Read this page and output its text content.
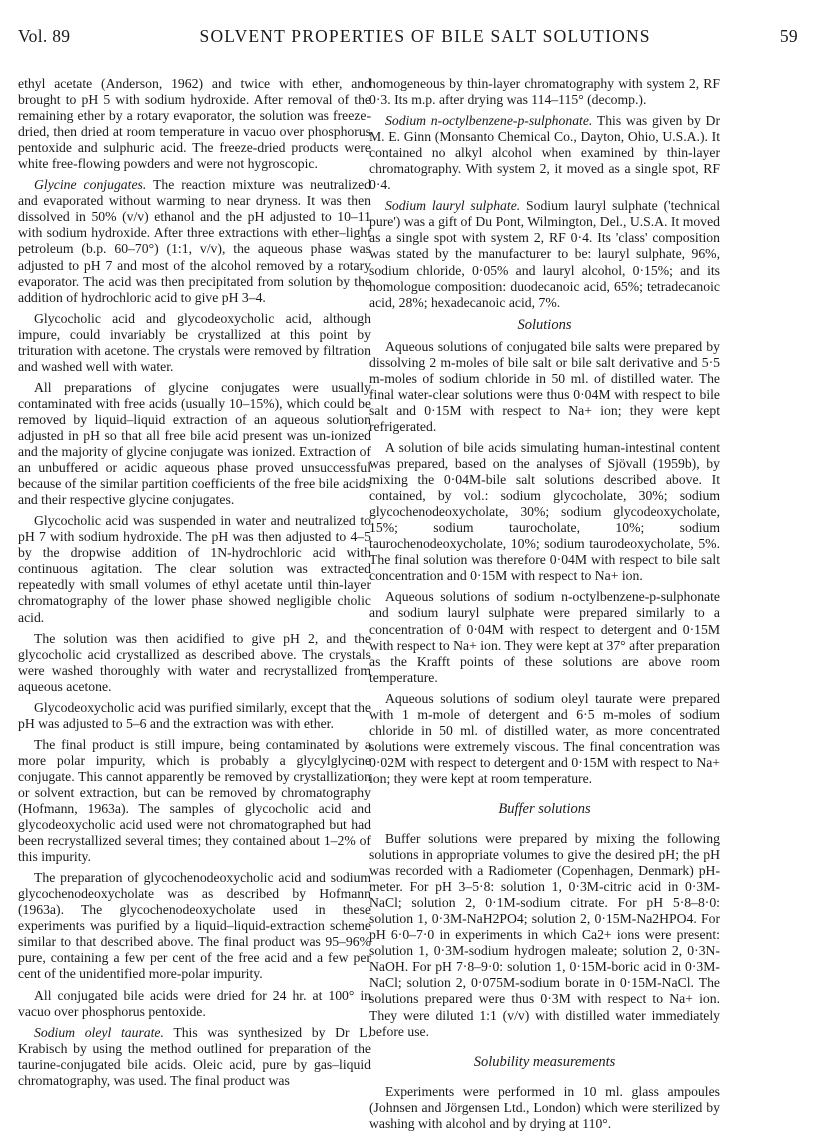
Vol. 89	SOLVENT PROPERTIES OF BILE SALT SOLUTIONS	59

ethyl acetate (Anderson, 1962) and twice with ether, and brought to pH 5 with sodium hydroxide. After removal of the remaining ether by a rotary evaporator, the solution was freeze-dried, then dried at room temperature in vacuo over phosphorus pentoxide and sulphuric acid. The freeze-dried products were white free-flowing powders and were not hygroscopic.

Glycine conjugates. The reaction mixture was neutralized and evaporated without warming to near dryness. It was then dissolved in 50% (v/v) ethanol and the pH adjusted to 10–11 with sodium hydroxide. After three extractions with ether–light petroleum (b.p. 60–70°) (1:1, v/v), the aqueous phase was adjusted to pH 7 and most of the alcohol removed by a rotary evaporator. The acid was then precipitated from solution by the addition of hydrochloric acid to give pH 3–4.

Glycocholic acid and glycodeoxycholic acid, although impure, could invariably be crystallized at this point by trituration with acetone. The crystals were removed by filtration and washed well with water.

All preparations of glycine conjugates were usually contaminated with free acids (usually 10–15%), which could be removed by liquid–liquid extraction of an aqueous solution adjusted in pH so that all free bile acid present was un-ionized and the majority of glycine conjugate was ionized. Extraction of an unbuffered or acidic aqueous phase proved unsuccessful because of the similar partition coefficients of the free bile acids and their respective glycine conjugates.

Glycocholic acid was suspended in water and neutralized to pH 7 with sodium hydroxide. The pH was then adjusted to 4–5 by the dropwise addition of 1N-hydrochloric acid with continuous agitation. The clear solution was extracted repeatedly with small volumes of ethyl acetate until thin-layer chromatography of the lower phase showed negligible cholic acid.

The solution was then acidified to give pH 2, and the glycocholic acid crystallized as described above. The crystals were washed thoroughly with water and recrystallized from aqueous acetone.

Glycodeoxycholic acid was purified similarly, except that the pH was adjusted to 5–6 and the extraction was with ether.

The final product is still impure, being contaminated by a more polar impurity, which is probably a glycylglycine conjugate. This cannot apparently be removed by crystallization or solvent extraction, but can be removed by chromatography (Hofmann, 1963a). The samples of glycocholic acid and glycodeoxycholic acid used were not chromatographed but had been recrystallized several times; they contained about 1–2% of this impurity.

The preparation of glycochenodeoxycholic acid and sodium glycochenodeoxycholate was as described by Hofmann (1963a). The glycochenodeoxycholate used in these experiments was purified by a liquid–liquid-extraction scheme similar to that described above. The final product was 95–96% pure, containing a few per cent of the free acid and a few per cent of the unidentified more-polar impurity.

All conjugated bile acids were dried for 24 hr. at 100° in vacuo over phosphorus pentoxide.

Sodium oleyl taurate. This was synthesized by Dr L. Krabisch by using the method outlined for preparation of the taurine-conjugated bile acids. Oleic acid, pure by gas–liquid chromatography, was used. The final product was

homogeneous by thin-layer chromatography with system 2, RF 0·3. Its m.p. after drying was 114–115° (decomp.).

Sodium n-octylbenzene-p-sulphonate. This was given by Dr M. E. Ginn (Monsanto Chemical Co., Dayton, Ohio, U.S.A.). It contained no alkyl alcohol when examined by thin-layer chromatography. With system 2, it moved as a single spot, RF 0·4.

Sodium lauryl sulphate. Sodium lauryl sulphate ('technical pure') was a gift of Du Pont, Wilmington, Del., U.S.A. It moved as a single spot with system 2, RF 0·4. Its 'class' composition was stated by the manufacturer to be: lauryl sulphate, 96%, sodium chloride, 0·05% and lauryl alcohol, 0·15%; and its homologue composition: duodecanoic acid, 65%; tetradecanoic acid, 28%; hexadecanoic acid, 7%.

Solutions

Aqueous solutions of conjugated bile salts were prepared by dissolving 2 m-moles of bile salt or bile salt derivative and 5·5 m-moles of sodium chloride in 50 ml. of distilled water. The final water-clear solutions were thus 0·04M with respect to bile salt and 0·15M with respect to Na+ ion; they were kept refrigerated.

A solution of bile acids simulating human-intestinal content was prepared, based on the analyses of Sjövall (1959b), by mixing the 0·04M-bile salt solutions described above. It contained, by vol.: sodium glycocholate, 30%; sodium glycochenodeoxycholate, 30%; sodium glycodeoxycholate, 15%; sodium taurocholate, 10%; sodium taurochenodeoxycholate, 10%; sodium taurodeoxycholate, 5%. The final solution was therefore 0·04M with respect to bile salt concentration and 0·15M with respect to Na+ ion.

Aqueous solutions of sodium n-octylbenzene-p-sulphonate and sodium lauryl sulphate were prepared similarly to a concentration of 0·04M with respect to detergent and 0·15M with respect to Na+ ion. They were kept at 37° after preparation as the Krafft points of these solutions are above room temperature.

Aqueous solutions of sodium oleyl taurate were prepared with 1 m-mole of detergent and 6·5 m-moles of sodium chloride in 50 ml. of distilled water, as more concentrated solutions were extremely viscous. The final concentration was 0·02M with respect to detergent and 0·15M with respect to Na+ ion; they were kept at room temperature.

Buffer solutions

Buffer solutions were prepared by mixing the following solutions in appropriate volumes to give the desired pH; the pH was recorded with a Radiometer (Copenhagen, Denmark) pH-meter. For pH 3–5·8: solution 1, 0·3M-citric acid in 0·3M-NaCl; solution 2, 0·1M-sodium citrate. For pH 5·8–8·0: solution 1, 0·3M-NaH2PO4; solution 2, 0·15M-Na2HPO4. For pH 6·0–7·0 in experiments in which Ca2+ ions were present: solution 1, 0·3M-sodium hydrogen maleate; solution 2, 0·3N-NaOH. For pH 7·8–9·0: solution 1, 0·15M-boric acid in 0·3M-NaCl; solution 2, 0·075M-sodium borate in 0·15M-NaCl. The solutions prepared were thus 0·3M with respect to Na+ ion. They were diluted 1:1 (v/v) with distilled water immediately before use.

Solubility measurements

Experiments were performed in 10 ml. glass ampoules (Johnsen and Jörgensen Ltd., London) which were sterilized by washing with alcohol and by drying at 110°.
